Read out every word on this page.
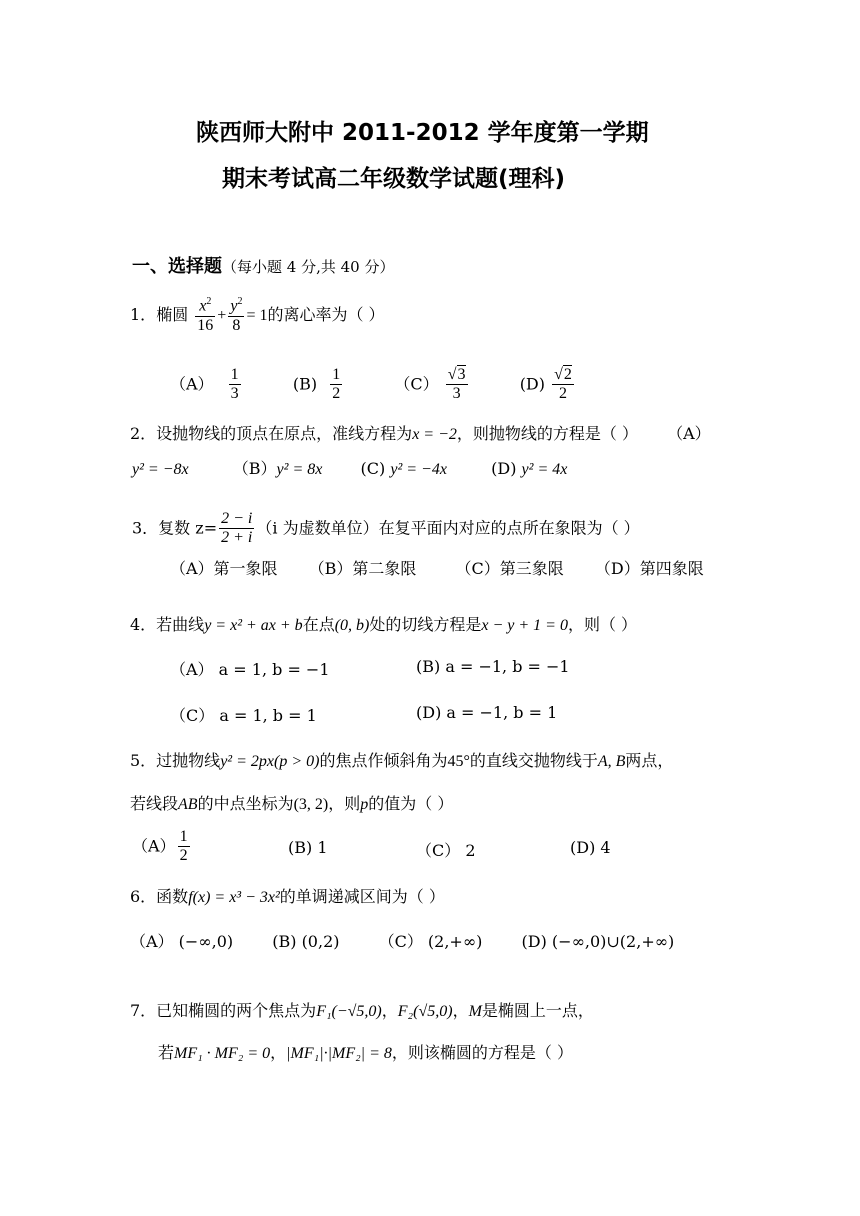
陕西师大附中 2011-2012 学年度第一学期
期末考试高二年级数学试题(理科)
一、选择题（每小题 4 分,共 40 分）
1．椭圆 $\frac{x^2}{16} + \frac{y^2}{8} = 1$的离心率为（ ）
$(A) \frac{1}{3}$	$(B) \frac{1}{2}$	$(C) \frac{√3}{3}$	$(D) \frac{√2}{2}$
2．设抛物线的顶点在原点，准线方程为x = −2，则抛物线的方程是（ ） （A）
y² = −8x	（B）y² = 8x (C) y² = −4x	(D) y² = 4x
3．复数 $z= \frac{2 - i}{2 + i} (i$ 为虚数单位）在复平面内对应的点所在象限为（ ）
（A）第一象限 （B）第二象限 （C）第三象限 （D）第四象限
4．若曲线y = x² + ax + b在点(0, b)处的切线方程是x − y + 1 = 0，则（ ）
（A） a = 1, b = −1	(B) a = −1, b = −1
（C） a = 1, b = 1	(D) a = −1, b = 1
5．过抛物线y² = 2px(p > 0)的焦点作倾斜角为45°的直线交抛物线于A, B两点，
若线段AB的中点坐标为(3, 2)，则p的值为（ ）
$(A) \frac{1}{2}$	(B) 1	（C） 2	(D) 4
6．函数f(x) = x³ − 3x²的单调递减区间为（ ）
（A） (−∞,0) (B) (0,2) （C） (2,+∞) (D) (−∞,0)∪(2,+∞)
7．已知椭圆的两个焦点为F₁(−√5,0)，F₂(√5,0)，M是椭圆上一点，
若MF₁ · MF₂ = 0，|MF₁|·|MF₂| = 8，则该椭圆的方程是（ ）
